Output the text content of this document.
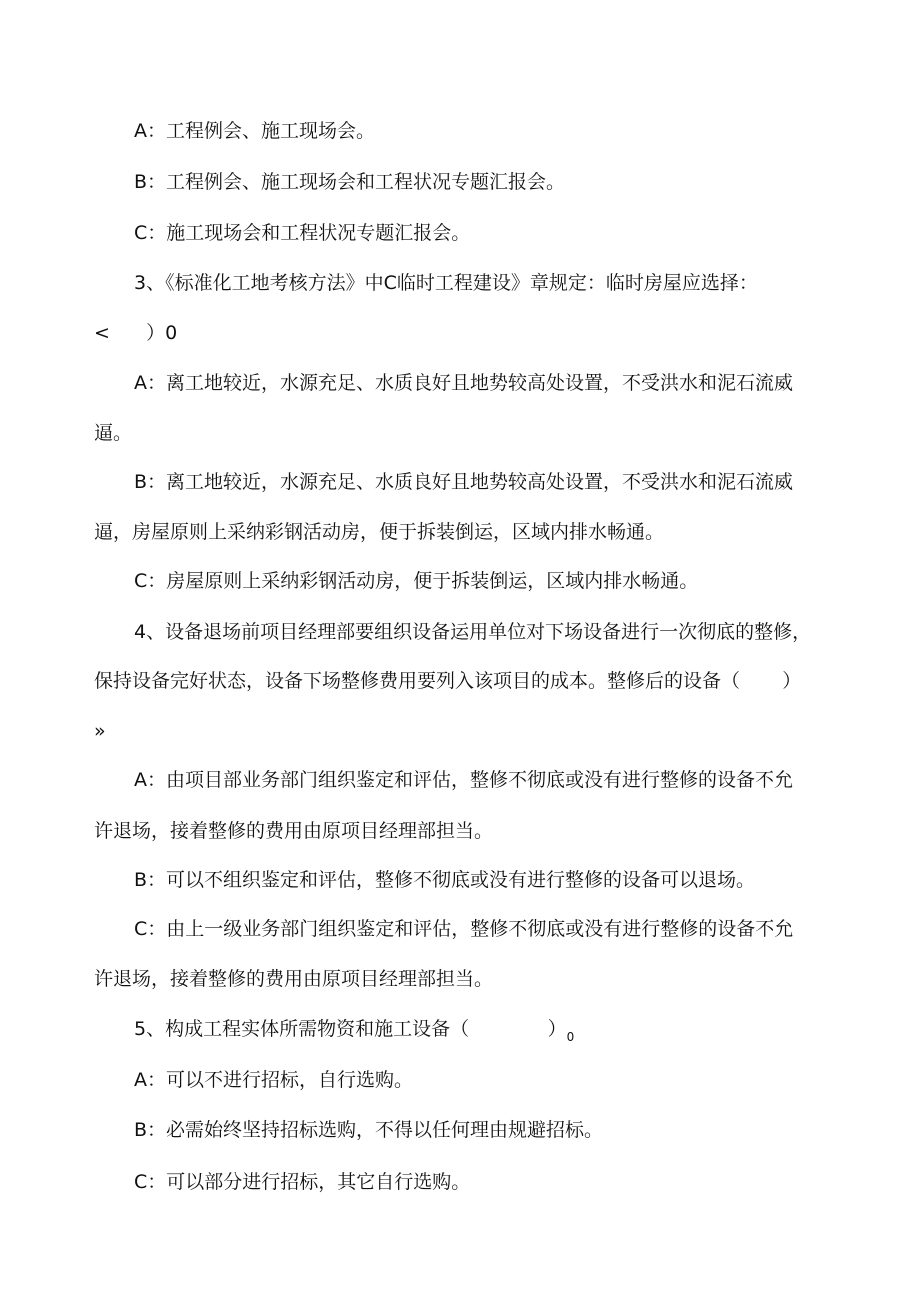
A：工程例会、施工现场会。
B：工程例会、施工现场会和工程状况专题汇报会。
C：施工现场会和工程状况专题汇报会。
3、《标准化工地考核方法》中C临时工程建设》章规定：临时房屋应选择：
<      ）0
A：离工地较近，水源充足、水质良好且地势较高处设置，不受洪水和泥石流威
逼。
B：离工地较近，水源充足、水质良好且地势较高处设置，不受洪水和泥石流威
逼，房屋原则上采纳彩钢活动房，便于拆装倒运，区域内排水畅通。
C：房屋原则上采纳彩钢活动房，便于拆装倒运，区域内排水畅通。
4、设备退场前项目经理部要组织设备运用单位对下场设备进行一次彻底的整修，
保持设备完好状态，设备下场整修费用要列入该项目的成本。整修后的设备（       ）
»
A：由项目部业务部门组织鉴定和评估，整修不彻底或没有进行整修的设备不允
许退场，接着整修的费用由原项目经理部担当。
B：可以不组织鉴定和评估，整修不彻底或没有进行整修的设备可以退场。
C：由上一级业务部门组织鉴定和评估，整修不彻底或没有进行整修的设备不允
许退场，接着整修的费用由原项目经理部担当。
5、构成工程实体所需物资和施工设备（             ）$_0$
A：可以不进行招标，自行选购。
B：必需始终坚持招标选购，不得以任何理由规避招标。
C：可以部分进行招标，其它自行选购。
